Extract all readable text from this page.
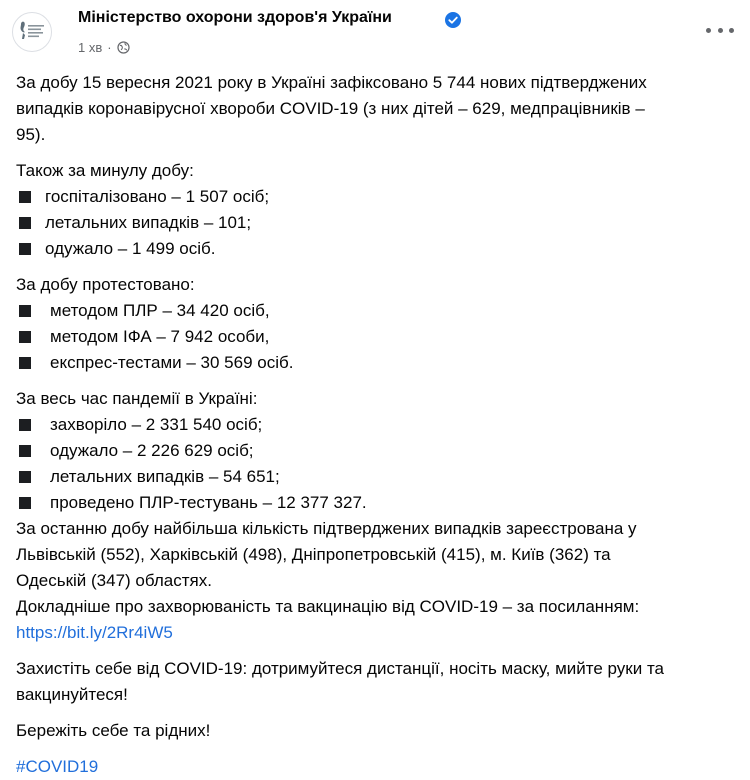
Міністерство охорони здоров'я України
1 хв ·
За добу 15 вересня 2021 року в Україні зафіксовано 5 744 нових підтверджених
випадків коронавірусної хвороби COVID-19 (з них дітей – 629, медпрацівників –
95).
Також за минулу добу:
госпіталізовано – 1 507 осіб;
летальних випадків – 101;
одужало – 1 499 осіб.
За добу протестовано:
методом ПЛР – 34 420 осіб,
методом ІФА – 7 942 особи,
експрес-тестами – 30 569 осіб.
За весь час пандемії в Україні:
захворіло – 2 331 540 осіб;
одужало – 2 226 629 осіб;
летальних випадків – 54 651;
проведено ПЛР-тестувань – 12 377 327.
За останню добу найбільша кількість підтверджених випадків зареєстрована у
Львівській (552), Харківській (498), Дніпропетровській (415), м. Київ (362) та
Одеській (347) областях.
Докладніше про захворюваність та вакцинацію від COVID-19 – за посиланням:
https://bit.ly/2Rr4iW5
Захистіть себе від COVID-19: дотримуйтеся дистанції, носіть маску, мийте руки та
вакцинуйтеся!
Бережіть себе та рідних!
#COVID19
